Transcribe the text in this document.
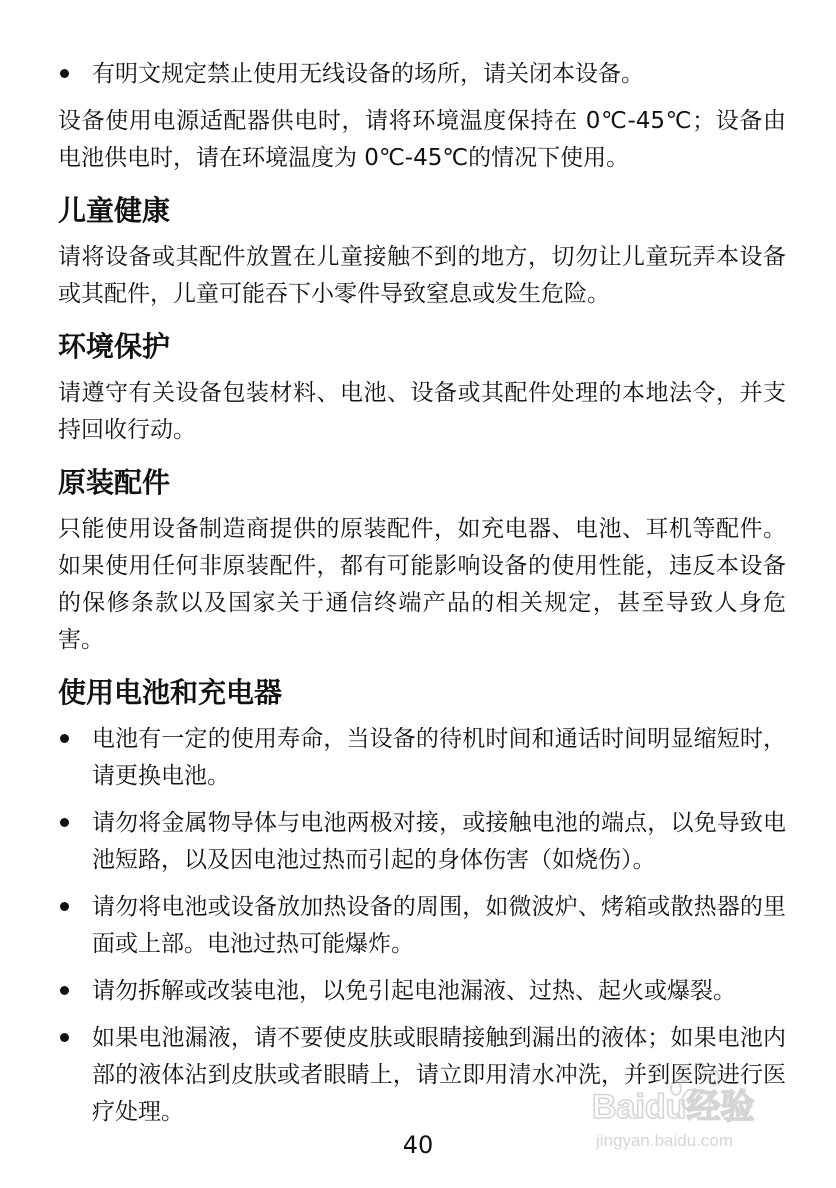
有明文规定禁止使用无线设备的场所，请关闭本设备。

设备使用电源适配器供电时，请将环境温度保持在 0℃-45℃；设备由电池供电时，请在环境温度为 0℃-45℃的情况下使用。

儿童健康

请将设备或其配件放置在儿童接触不到的地方，切勿让儿童玩弄本设备或其配件，儿童可能吞下小零件导致窒息或发生危险。

环境保护

请遵守有关设备包装材料、电池、设备或其配件处理的本地法令，并支持回收行动。

原装配件

只能使用设备制造商提供的原装配件，如充电器、电池、耳机等配件。如果使用任何非原装配件，都有可能影响设备的使用性能，违反本设备的保修条款以及国家关于通信终端产品的相关规定，甚至导致人身危害。

使用电池和充电器
电池有一定的使用寿命，当设备的待机时间和通话时间明显缩短时，请更换电池。
请勿将金属物导体与电池两极对接，或接触电池的端点，以免导致电池短路，以及因电池过热而引起的身体伤害（如烧伤）。
请勿将电池或设备放加热设备的周围，如微波炉、烤箱或散热器的里面或上部。电池过热可能爆炸。
请勿拆解或改装电池，以免引起电池漏液、过热、起火或爆裂。
如果电池漏液，请不要使皮肤或眼睛接触到漏出的液体；如果电池内部的液体沾到皮肤或者眼睛上，请立即用清水冲洗，并到医院进行医疗处理。
40
Baidu经验
jingyan.baidu.com
